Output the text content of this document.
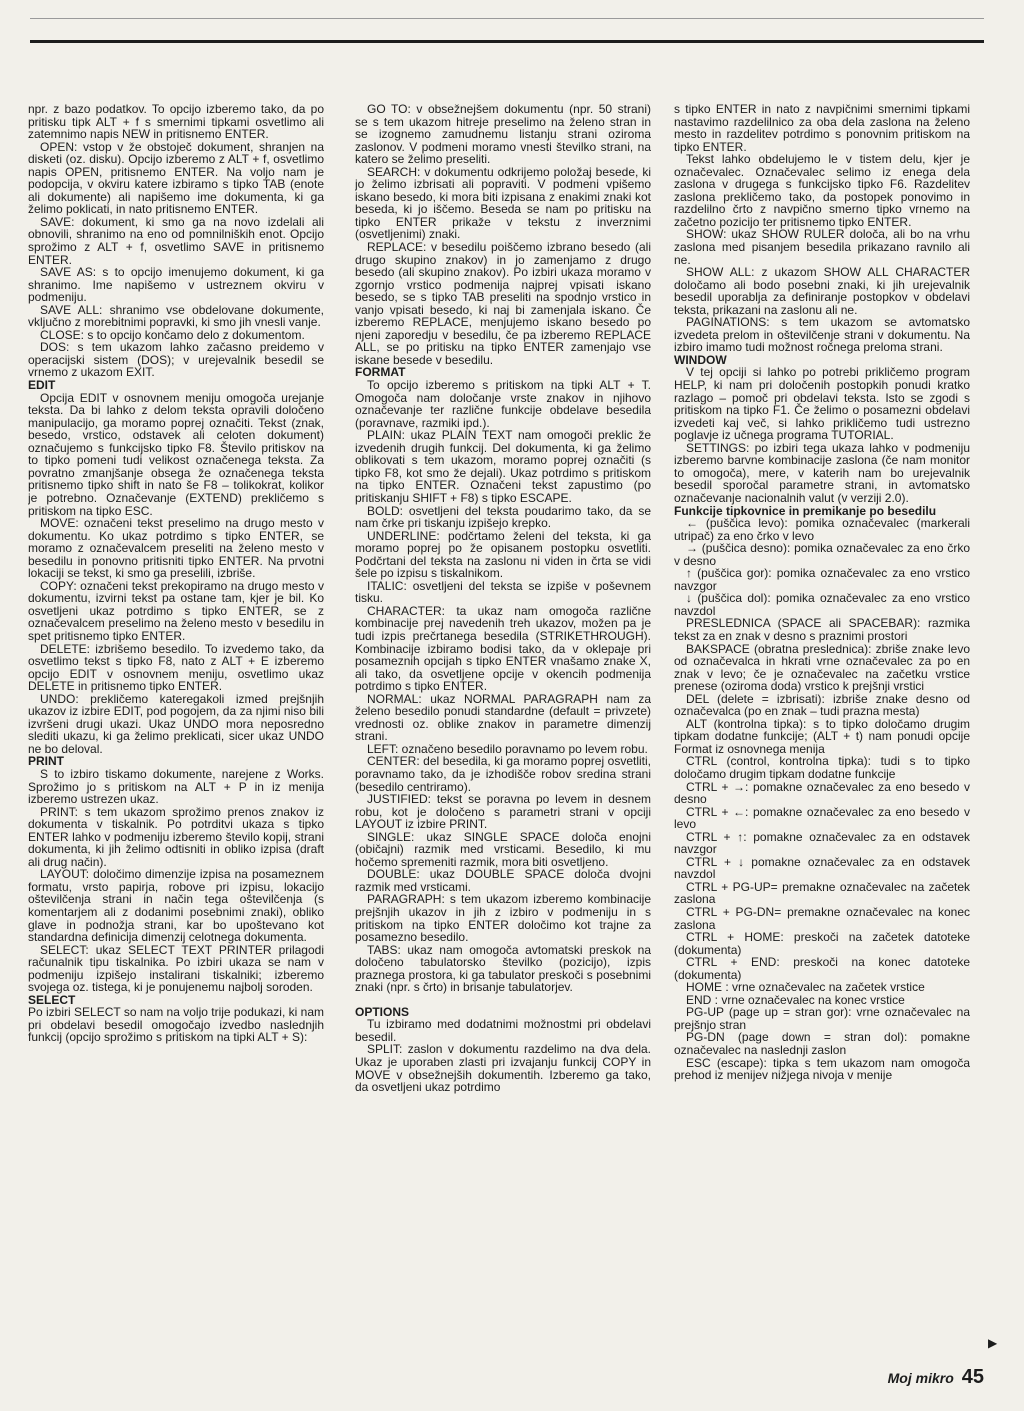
npr. z bazo podatkov. To opcijo izberemo tako, da po pritisku tipk ALT + f s smernimi tipkami osvetlimo ali zatemnimo napis NEW in pritisnemo ENTER.

OPEN: vstop v že obstoječ dokument, shranjen na disketi (oz. disku). Opcijo izberemo z ALT + f, osvetlimo napis OPEN, pritisnemo ENTER. Na voljo nam je podopcija, v okviru katere izbiramo s tipko TAB (enote ali dokumente) ali napišemo ime dokumenta, ki ga želimo poklicati, in nato pritisnemo ENTER.

SAVE: dokument, ki smo ga na novo izdelali ali obnovili, shranimo na eno od pomnilniških enot. Opcijo sprožimo z ALT + f, osvetlimo SAVE in pritisnemo ENTER.

SAVE AS: s to opcijo imenujemo dokument, ki ga shranimo. Ime napišemo v ustreznem okviru v podmeniju.

SAVE ALL: shranimo vse obdelovane dokumente, vključno z morebitnimi popravki, ki smo jih vnesli vanje.

CLOSE: s to opcijo končamo delo z dokumentom.

DOS: s tem ukazom lahko začasno preidemo v operacijski sistem (DOS); v urejevalnik besedil se vrnemo z ukazom EXIT.

EDIT

Opcija EDIT v osnovnem meniju omogoča urejanje teksta. Da bi lahko z delom teksta opravili določeno manipulacijo, ga moramo poprej označiti. Tekst (znak, besedo, vrstico, odstavek ali celoten dokument) označujemo s funkcijsko tipko F8. Število pritiskov na to tipko pomeni tudi velikost označenega teksta. Za povratno zmanjšanje obsega že označenega teksta pritisnemo tipko shift in nato še F8 – tolikokrat, kolikor je potrebno. Označevanje (EXTEND) prekličemo s pritiskom na tipko ESC.

MOVE: označeni tekst preselimo na drugo mesto v dokumentu. Ko ukaz potrdimo s tipko ENTER, se moramo z označevalcem preseliti na želeno mesto v besedilu in ponovno pritisniti tipko ENTER. Na prvotni lokaciji se tekst, ki smo ga preselili, izbriše.

COPY: označeni tekst prekopiramo na drugo mesto v dokumentu, izvirni tekst pa ostane tam, kjer je bil. Ko osvetljeni ukaz potrdimo s tipko ENTER, se z označevalcem preselimo na želeno mesto v besedilu in spet pritisnemo tipko ENTER.

DELETE: izbrišemo besedilo. To izvedemo tako, da osvetlimo tekst s tipko F8, nato z ALT + E izberemo opcijo EDIT v osnovnem meniju, osvetlimo ukaz DELETE in pritisnemo tipko ENTER.

UNDO: prekličemo kateregakoli izmed prejšnjih ukazov iz izbire EDIT, pod pogojem, da za njimi niso bili izvršeni drugi ukazi. Ukaz UNDO mora neposredno slediti ukazu, ki ga želimo preklicati, sicer ukaz UNDO ne bo deloval.

PRINT

S to izbiro tiskamo dokumente, narejene z Works. Sprožimo jo s pritiskom na ALT + P in iz menija izberemo ustrezen ukaz.

PRINT: s tem ukazom sprožimo prenos znakov iz dokumenta v tiskalnik. Po potrditvi ukaza s tipko ENTER lahko v podmeniju izberemo število kopij, strani dokumenta, ki jih želimo odtisniti in obliko izpisa (draft ali drug način).

LAYOUT: določimo dimenzije izpisa na posameznem formatu, vrsto papirja, robove pri izpisu, lokacijo oštevilčenja strani in način tega oštevilčenja (s komentarjem ali z dodanimi posebnimi znaki), obliko glave in podnožja strani, kar bo upoštevano kot standardna definicija dimenzij celotnega dokumenta.

SELECT: ukaz SELECT TEXT PRINTER prilagodi računalnik tipu tiskalnika. Po izbiri ukaza se nam v podmeniju izpišejo instalirani tiskalniki; izberemo svojega oz. tistega, ki je ponujenemu najbolj soroden.

SELECT

Po izbiri SELECT so nam na voljo trije podukazi, ki nam pri obdelavi besedil omogočajo izvedbo naslednjih funkcij (opcijo sprožimo s pritiskom na tipki ALT + S):

GO TO: v obsežnejšem dokumentu (npr. 50 strani) se s tem ukazom hitreje preselimo na želeno stran in se izognemo zamudnemu listanju strani oziroma zaslonov. V podmeni moramo vnesti številko strani, na katero se želimo preseliti.

SEARCH: v dokumentu odkrijemo položaj besede, ki jo želimo izbrisati ali popraviti. V podmeni vpišemo iskano besedo, ki mora biti izpisana z enakimi znaki kot beseda, ki jo iščemo. Beseda se nam po pritisku na tipko ENTER prikaže v tekstu z inverznimi (osvetljenimi) znaki.

REPLACE: v besedilu poiščemo izbrano besedo (ali drugo skupino znakov) in jo zamenjamo z drugo besedo (ali skupino znakov). Po izbiri ukaza moramo v zgornjo vrstico podmenija najprej vpisati iskano besedo, se s tipko TAB preseliti na spodnjo vrstico in vanjo vpisati besedo, ki naj bi zamenjala iskano. Če izberemo REPLACE, menjujemo iskano besedo po njeni zaporedju v besedilu, če pa izberemo REPLACE ALL, se po pritisku na tipko ENTER zamenjajo vse iskane besede v besedilu.

FORMAT

To opcijo izberemo s pritiskom na tipki ALT + T. Omogoča nam določanje vrste znakov in njihovo označevanje ter različne funkcije obdelave besedila (poravnave, razmiki ipd.).

PLAIN: ukaz PLAIN TEXT nam omogoči preklic že izvedenih drugih funkcij. Del dokumenta, ki ga želimo oblikovati s tem ukazom, moramo poprej označiti (s tipko F8, kot smo že dejali). Ukaz potrdimo s pritiskom na tipko ENTER. Označeni tekst zapustimo (po pritiskanju SHIFT + F8) s tipko ESCAPE.

BOLD: osvetljeni del teksta poudarimo tako, da se nam črke pri tiskanju izpišejo krepko.

UNDERLINE: podčrtamo želeni del teksta, ki ga moramo poprej po že opisanem postopku osvetliti. Podčrtani del teksta na zaslonu ni viden in črta se vidi šele po izpisu s tiskalnikom.

ITALIC: osvetljeni del teksta se izpiše v poševnem tisku.

CHARACTER: ta ukaz nam omogoča različne kombinacije prej navedenih treh ukazov, možen pa je tudi izpis prečrtanega besedila (STRIKETHROUGH). Kombinacije izbiramo bodisi tako, da v oklepaje pri posameznih opcijah s tipko ENTER vnašamo znake X, ali tako, da osvetljene opcije v okencih podmenija potrdimo s tipko ENTER.

NORMAL: ukaz NORMAL PARAGRAPH nam za želeno besedilo ponudi standardne (default = privzete) vrednosti oz. oblike znakov in parametre dimenzij strani.

LEFT: označeno besedilo poravnamo po levem robu.

CENTER: del besedila, ki ga moramo poprej osvetliti, poravnamo tako, da je izhodišče robov sredina strani (besedilo centriramo).

JUSTIFIED: tekst se poravna po levem in desnem robu, kot je določeno s parametri strani v opciji LAYOUT iz izbire PRINT.

SINGLE: ukaz SINGLE SPACE določa enojni (običajni) razmik med vrsticami. Besedilo, ki mu hočemo spremeniti razmik, mora biti osvetljeno.

DOUBLE: ukaz DOUBLE SPACE določa dvojni razmik med vrsticami.

PARAGRAPH: s tem ukazom izberemo kombinacije prejšnjih ukazov in jih z izbiro v podmeniju in s pritiskom na tipko ENTER določimo kot trajne za posamezno besedilo.

TABS: ukaz nam omogoča avtomatski preskok na določeno tabulatorsko številko (pozicijo), izpis praznega prostora, ki ga tabulator preskoči s posebnimi znaki (npr. s črto) in brisanje tabulatorjev.

OPTIONS

Tu izbiramo med dodatnimi možnostmi pri obdelavi besedil.

SPLIT: zaslon v dokumentu razdelimo na dva dela. Ukaz je uporaben zlasti pri izvajanju funkcij COPY in MOVE v obsežnejših dokumentih. Izberemo ga tako, da osvetljeni ukaz potrdimo

s tipko ENTER in nato z navpičnimi smernimi tipkami nastavimo razdelilnico za oba dela zaslona na želeno mesto in razdelitev potrdimo s ponovnim pritiskom na tipko ENTER.

Tekst lahko obdelujemo le v tistem delu, kjer je označevalec. Označevalec selimo iz enega dela zaslona v drugega s funkcijsko tipko F6. Razdelitev zaslona prekličemo tako, da postopek ponovimo in razdelilno črto z navpično smerno tipko vrnemo na začetno pozicijo ter pritisnemo tipko ENTER.

SHOW: ukaz SHOW RULER določa, ali bo na vrhu zaslona med pisanjem besedila prikazano ravnilo ali ne.

SHOW ALL: z ukazom SHOW ALL CHARACTER določamo ali bodo posebni znaki, ki jih urejevalnik besedil uporablja za definiranje postopkov v obdelavi teksta, prikazani na zaslonu ali ne.

PAGINATIONS: s tem ukazom se avtomatsko izvedeta prelom in oštevilčenje strani v dokumentu. Na izbiro imamo tudi možnost ročnega preloma strani.

WINDOW

V tej opciji si lahko po potrebi prikličemo program HELP, ki nam pri določenih postopkih ponudi kratko razlago – pomoč pri obdelavi teksta. Isto se zgodi s pritiskom na tipko F1. Če želimo o posamezni obdelavi izvedeti kaj več, si lahko prikličemo tudi ustrezno poglavje iz učnega programa TUTORIAL.

SETTINGS: po izbiri tega ukaza lahko v podmeniju izberemo barvne kombinacije zaslona (če nam monitor to omogoča), mere, v katerih nam bo urejevalnik besedil sporočal parametre strani, in avtomatsko označevanje nacionalnih valut (v verziji 2.0).

Funkcije tipkovnice in premikanje po besedilu

← (puščica levo): pomika označevalec (markerali utripač) za eno črko v levo

→ (puščica desno): pomika označevalec za eno črko v desno

↑ (puščica gor): pomika označevalec za eno vrstico navzgor

↓ (puščica dol): pomika označevalec za eno vrstico navzdol

PRESLEDNICA (SPACE ali SPACEBAR): razmika tekst za en znak v desno s praznimi prostori

BAKSPACE (obratna preslednica): zbriše znake levo od označevalca in hkrati vrne označevalec za po en znak v levo; če je označevalec na začetku vrstice prenese (oziroma doda) vrstico k prejšnji vrstici

DEL (delete = izbrisati): izbriše znake desno od označevalca (po en znak – tudi prazna mesta)

ALT (kontrolna tipka): s to tipko določamo drugim tipkam dodatne funkcije; (ALT + t) nam ponudi opcije Format iz osnovnega menija

CTRL (control, kontrolna tipka): tudi s to tipko določamo drugim tipkam dodatne funkcije

CTRL + →: pomakne označevalec za eno besedo v desno

CTRL + ←: pomakne označevalec za eno besedo v levo

CTRL + ↑: pomakne označevalec za en odstavek navzgor

CTRL + ↓ pomakne označevalec za en odstavek navzdol

CTRL + PG-UP= premakne označevalec na začetek zaslona

CTRL + PG-DN= premakne označevalec na konec zaslona

CTRL + HOME: preskoči na začetek datoteke (dokumenta)

CTRL + END: preskoči na konec datoteke (dokumenta)

HOME : vrne označevalec na začetek vrstice

END : vrne označevalec na konec vrstice

PG-UP (page up = stran gor): vrne označevalec na prejšnjo stran

PG-DN (page down = stran dol): pomakne označevalec na naslednji zaslon

ESC (escape): tipka s tem ukazom nam omogoča prehod iz menijev nižjega nivoja v menije

▶
Moj mikro 45
